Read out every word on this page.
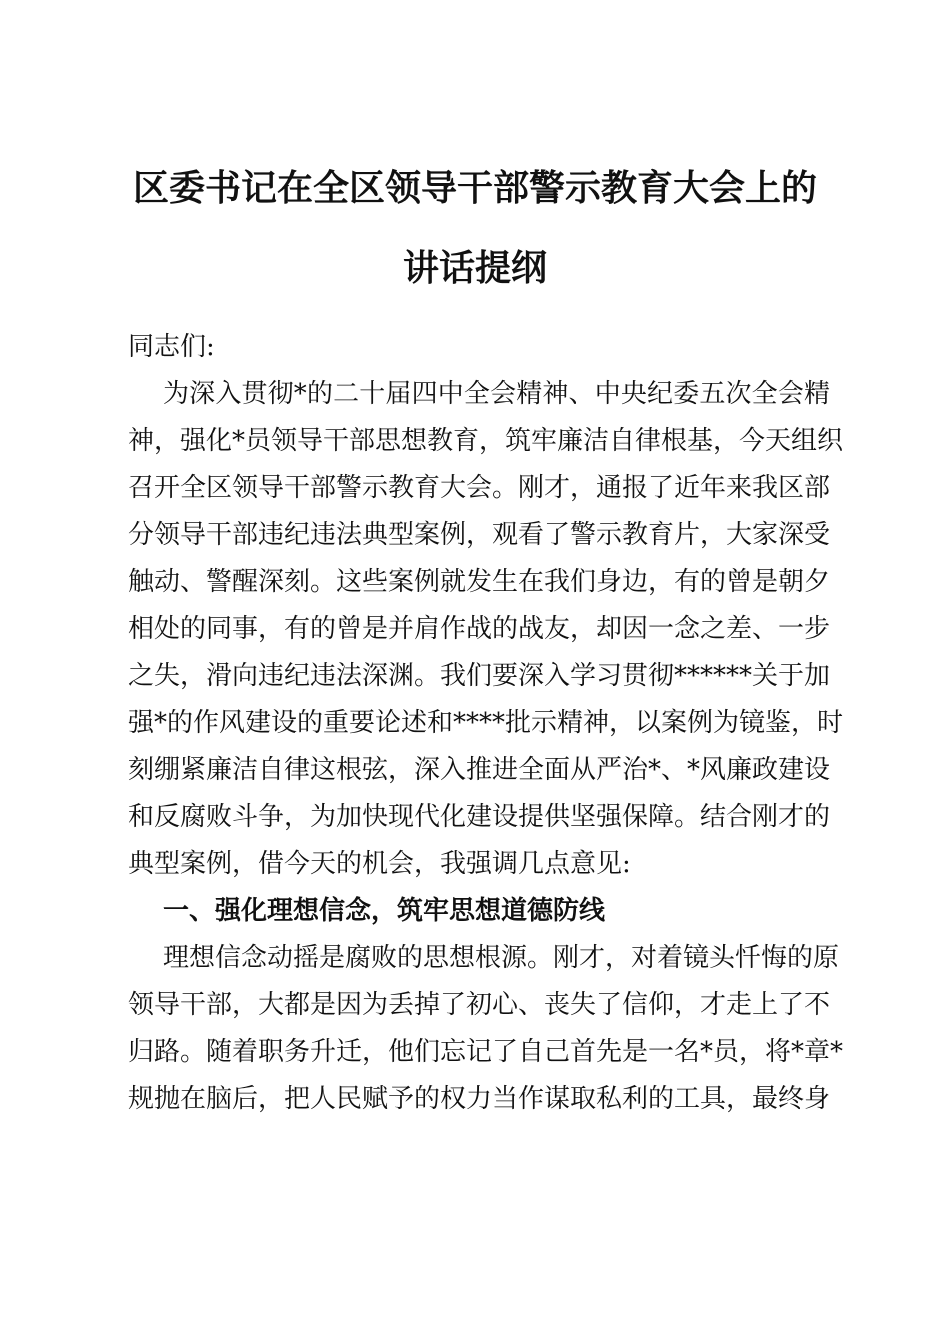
区委书记在全区领导干部警示教育大会上的
讲话提纲
同志们:
为深入贯彻*的二十届四中全会精神、中央纪委五次全会精
神，强化*员领导干部思想教育，筑牢廉洁自律根基，今天组织
召开全区领导干部警示教育大会。刚才，通报了近年来我区部
分领导干部违纪违法典型案例，观看了警示教育片，大家深受
触动、警醒深刻。这些案例就发生在我们身边，有的曾是朝夕
相处的同事，有的曾是并肩作战的战友，却因一念之差、一步
之失，滑向违纪违法深渊。我们要深入学习贯彻******关于加
强*的作风建设的重要论述和****批示精神，以案例为镜鉴，时
刻绷紧廉洁自律这根弦，深入推进全面从严治*、*风廉政建设
和反腐败斗争，为加快现代化建设提供坚强保障。结合刚才的
典型案例，借今天的机会，我强调几点意见:
一、强化理想信念，筑牢思想道德防线
理想信念动摇是腐败的思想根源。刚才，对着镜头忏悔的原
领导干部，大都是因为丢掉了初心、丧失了信仰，才走上了不
归路。随着职务升迁，他们忘记了自己首先是一名*员，将*章*
规抛在脑后，把人民赋予的权力当作谋取私利的工具，最终身
